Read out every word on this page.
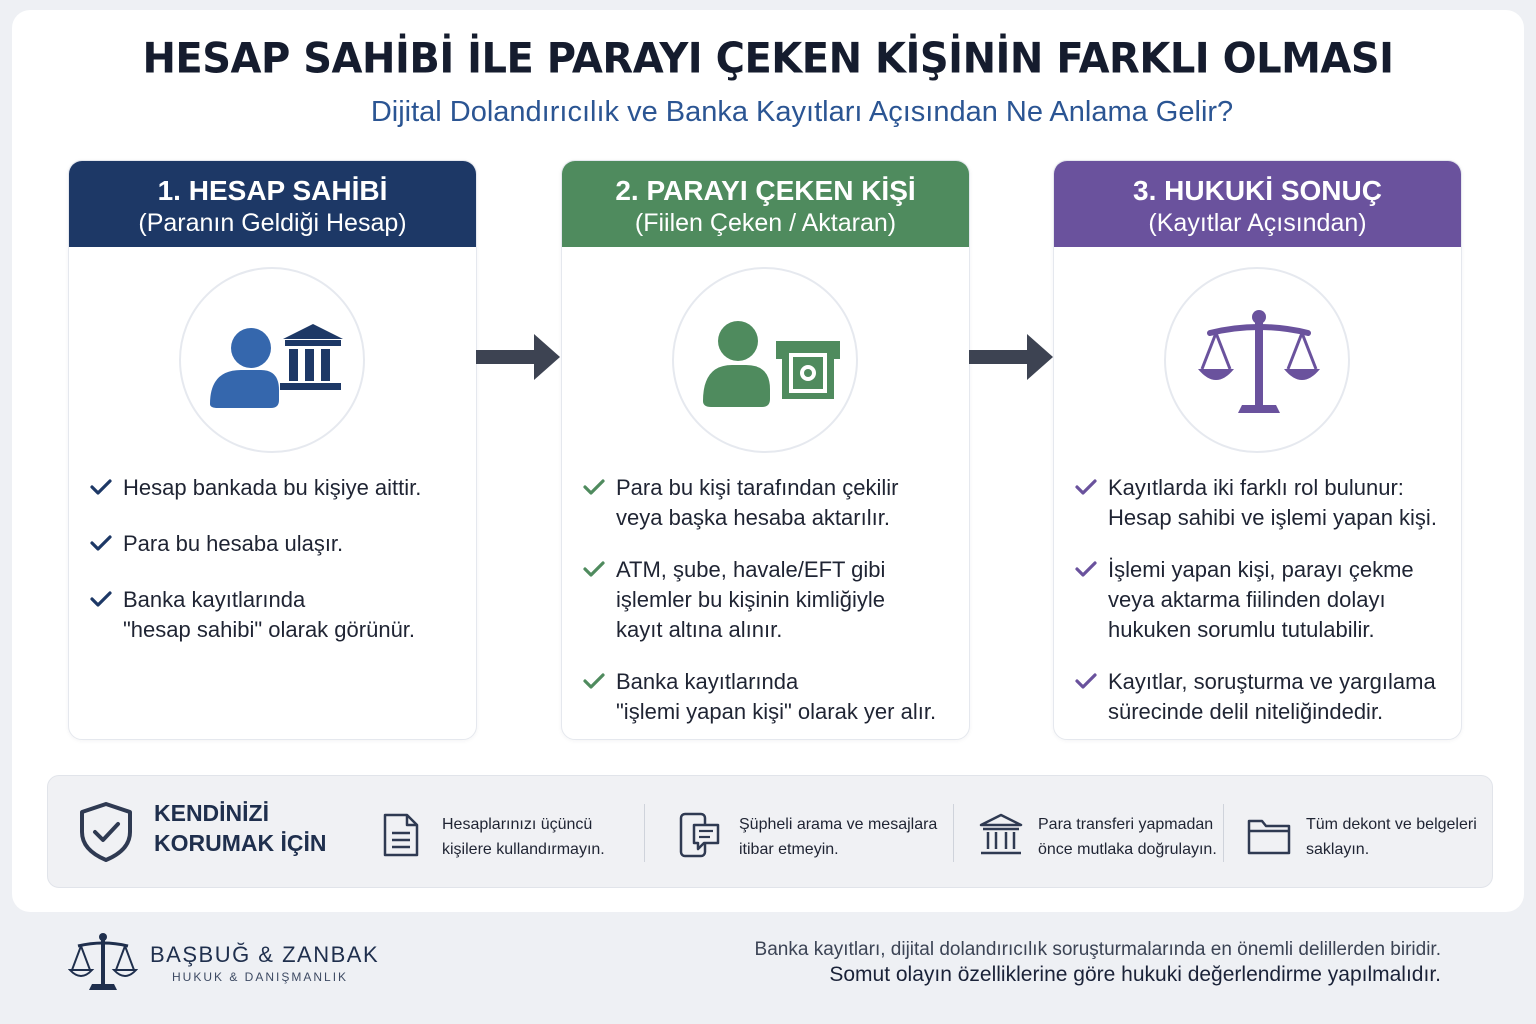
HESAP SAHİBİ İLE PARAYI ÇEKEN KİŞİNİN FARKLI OLMASI
Dijital Dolandırıcılık ve Banka Kayıtları Açısından Ne Anlama Gelir?
1. HESAP SAHİBİ
(Paranın Geldiği Hesap)
Hesap bankada bu kişiye aittir.
Para bu hesaba ulaşır.
Banka kayıtlarında
"hesap sahibi" olarak görünür.
2. PARAYI ÇEKEN KİŞİ
(Fiilen Çeken / Aktaran)
Para bu kişi tarafından çekilir
veya başka hesaba aktarılır.
ATM, şube, havale/EFT gibi
işlemler bu kişinin kimliğiyle
kayıt altına alınır.
Banka kayıtlarında
"işlemi yapan kişi" olarak yer alır.
3. HUKUKİ SONUÇ
(Kayıtlar Açısından)
Kayıtlarda iki farklı rol bulunur:
Hesap sahibi ve işlemi yapan kişi.
İşlemi yapan kişi, parayı çekme
veya aktarma fiilinden dolayı
hukuken sorumlu tutulabilir.
Kayıtlar, soruşturma ve yargılama
sürecinde delil niteliğindedir.
KENDİNİZİ
KORUMAK İÇİN
Hesaplarınızı üçüncü
kişilere kullandırmayın.
Şüpheli arama ve mesajlara
itibar etmeyin.
Para transferi yapmadan
önce mutlaka doğrulayın.
Tüm dekont ve belgeleri
saklayın.
BAŞBUĞ & ZANBAK
HUKUK & DANIŞMANLIK
Banka kayıtları, dijital dolandırıcılık soruşturmalarında en önemli delillerden biridir.
Somut olayın özelliklerine göre hukuki değerlendirme yapılmalıdır.
